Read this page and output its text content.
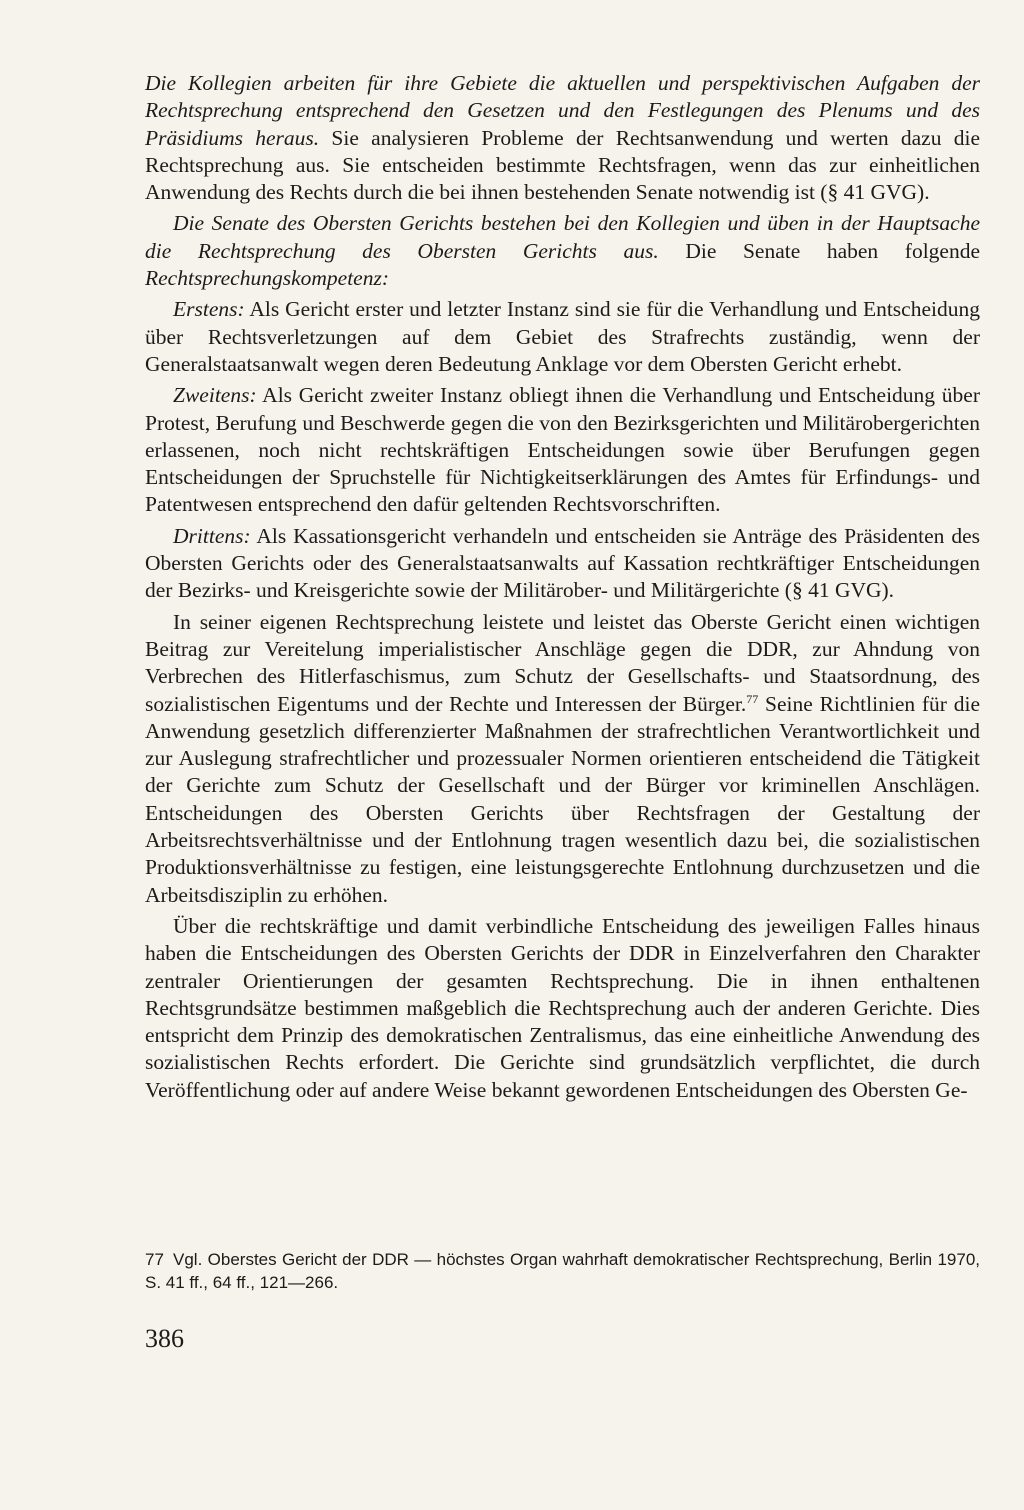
Die Kollegien arbeiten für ihre Gebiete die aktuellen und perspektivischen Aufgaben der Rechtsprechung entsprechend den Gesetzen und den Festlegungen des Plenums und des Präsidiums heraus. Sie analysieren Probleme der Rechtsanwendung und werten dazu die Rechtsprechung aus. Sie entscheiden bestimmte Rechtsfragen, wenn das zur einheitlichen Anwendung des Rechts durch die bei ihnen bestehenden Senate notwendig ist (§ 41 GVG).

Die Senate des Obersten Gerichts bestehen bei den Kollegien und üben in der Hauptsache die Rechtsprechung des Obersten Gerichts aus. Die Senate haben folgende Rechtsprechungskompetenz:

Erstens: Als Gericht erster und letzter Instanz sind sie für die Verhandlung und Entscheidung über Rechtsverletzungen auf dem Gebiet des Strafrechts zuständig, wenn der Generalstaatsanwalt wegen deren Bedeutung Anklage vor dem Obersten Gericht erhebt.

Zweitens: Als Gericht zweiter Instanz obliegt ihnen die Verhandlung und Entscheidung über Protest, Berufung und Beschwerde gegen die von den Bezirksgerichten und Militärobergerichten erlassenen, noch nicht rechtskräftigen Entscheidungen sowie über Berufungen gegen Entscheidungen der Spruchstelle für Nichtigkeitserklärungen des Amtes für Erfindungs- und Patentwesen entsprechend den dafür geltenden Rechtsvorschriften.

Drittens: Als Kassationsgericht verhandeln und entscheiden sie Anträge des Präsidenten des Obersten Gerichts oder des Generalstaatsanwalts auf Kassation rechtkräftiger Entscheidungen der Bezirks- und Kreisgerichte sowie der Militärober- und Militärgerichte (§ 41 GVG).

In seiner eigenen Rechtsprechung leistete und leistet das Oberste Gericht einen wichtigen Beitrag zur Vereitelung imperialistischer Anschläge gegen die DDR, zur Ahndung von Verbrechen des Hitlerfaschismus, zum Schutz der Gesellschafts- und Staatsordnung, des sozialistischen Eigentums und der Rechte und Interessen der Bürger.$^{77}$ Seine Richtlinien für die Anwendung gesetzlich differenzierter Maßnahmen der strafrechtlichen Verantwortlichkeit und zur Auslegung strafrechtlicher und prozessualer Normen orientieren entscheidend die Tätigkeit der Gerichte zum Schutz der Gesellschaft und der Bürger vor kriminellen Anschlägen. Entscheidungen des Obersten Gerichts über Rechtsfragen der Gestaltung der Arbeitsrechtsverhältnisse und der Entlohnung tragen wesentlich dazu bei, die sozialistischen Produktionsverhältnisse zu festigen, eine leistungsgerechte Entlohnung durchzusetzen und die Arbeitsdisziplin zu erhöhen.

Über die rechtskräftige und damit verbindliche Entscheidung des jeweiligen Falles hinaus haben die Entscheidungen des Obersten Gerichts der DDR in Einzelverfahren den Charakter zentraler Orientierungen der gesamten Rechtsprechung. Die in ihnen enthaltenen Rechtsgrundsätze bestimmen maßgeblich die Rechtsprechung auch der anderen Gerichte. Dies entspricht dem Prinzip des demokratischen Zentralismus, das eine einheitliche Anwendung des sozialistischen Rechts erfordert. Die Gerichte sind grundsätzlich verpflichtet, die durch Veröffentlichung oder auf andere Weise bekannt gewordenen Entscheidungen des Obersten Ge-

77 Vgl. Oberstes Gericht der DDR — höchstes Organ wahrhaft demokratischer Rechtsprechung, Berlin 1970, S. 41 ff., 64 ff., 121—266.
386
